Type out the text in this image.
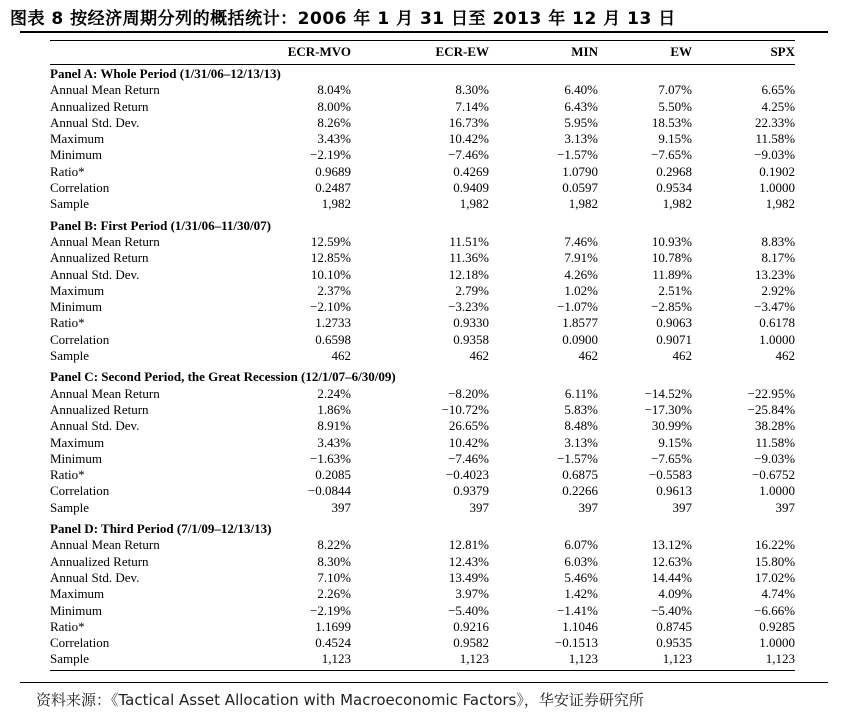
图表 8 按经济周期分列的概括统计：2006 年 1 月 31 日至 2013 年 12 月 13 日
	ECR-MVO	ECR-EW	MIN	EW	SPX
Panel A: Whole Period (1/31/06–12/13/13)					
Annual Mean Return	8.04%	8.30%	6.40%	7.07%	6.65%
Annualized Return	8.00%	7.14%	6.43%	5.50%	4.25%
Annual Std. Dev.	8.26%	16.73%	5.95%	18.53%	22.33%
Maximum	3.43%	10.42%	3.13%	9.15%	11.58%
Minimum	−2.19%	−7.46%	−1.57%	−7.65%	−9.03%
Ratio*	0.9689	0.4269	1.0790	0.2968	0.1902
Correlation	0.2487	0.9409	0.0597	0.9534	1.0000
Sample	1,982	1,982	1,982	1,982	1,982
Panel B: First Period (1/31/06–11/30/07)					
Annual Mean Return	12.59%	11.51%	7.46%	10.93%	8.83%
Annualized Return	12.85%	11.36%	7.91%	10.78%	8.17%
Annual Std. Dev.	10.10%	12.18%	4.26%	11.89%	13.23%
Maximum	2.37%	2.79%	1.02%	2.51%	2.92%
Minimum	−2.10%	−3.23%	−1.07%	−2.85%	−3.47%
Ratio*	1.2733	0.9330	1.8577	0.9063	0.6178
Correlation	0.6598	0.9358	0.0900	0.9071	1.0000
Sample	462	462	462	462	462
Panel C: Second Period, the Great Recession (12/1/07–6/30/09)					
Annual Mean Return	2.24%	−8.20%	6.11%	−14.52%	−22.95%
Annualized Return	1.86%	−10.72%	5.83%	−17.30%	−25.84%
Annual Std. Dev.	8.91%	26.65%	8.48%	30.99%	38.28%
Maximum	3.43%	10.42%	3.13%	9.15%	11.58%
Minimum	−1.63%	−7.46%	−1.57%	−7.65%	−9.03%
Ratio*	0.2085	−0.4023	0.6875	−0.5583	−0.6752
Correlation	−0.0844	0.9379	0.2266	0.9613	1.0000
Sample	397	397	397	397	397
Panel D: Third Period (7/1/09–12/13/13)					
Annual Mean Return	8.22%	12.81%	6.07%	13.12%	16.22%
Annualized Return	8.30%	12.43%	6.03%	12.63%	15.80%
Annual Std. Dev.	7.10%	13.49%	5.46%	14.44%	17.02%
Maximum	2.26%	3.97%	1.42%	4.09%	4.74%
Minimum	−2.19%	−5.40%	−1.41%	−5.40%	−6.66%
Ratio*	1.1699	0.9216	1.1046	0.8745	0.9285
Correlation	0.4524	0.9582	−0.1513	0.9535	1.0000
Sample	1,123	1,123	1,123	1,123	1,123
资料来源：《Tactical Asset Allocation with Macroeconomic Factors》，华安证券研究所
